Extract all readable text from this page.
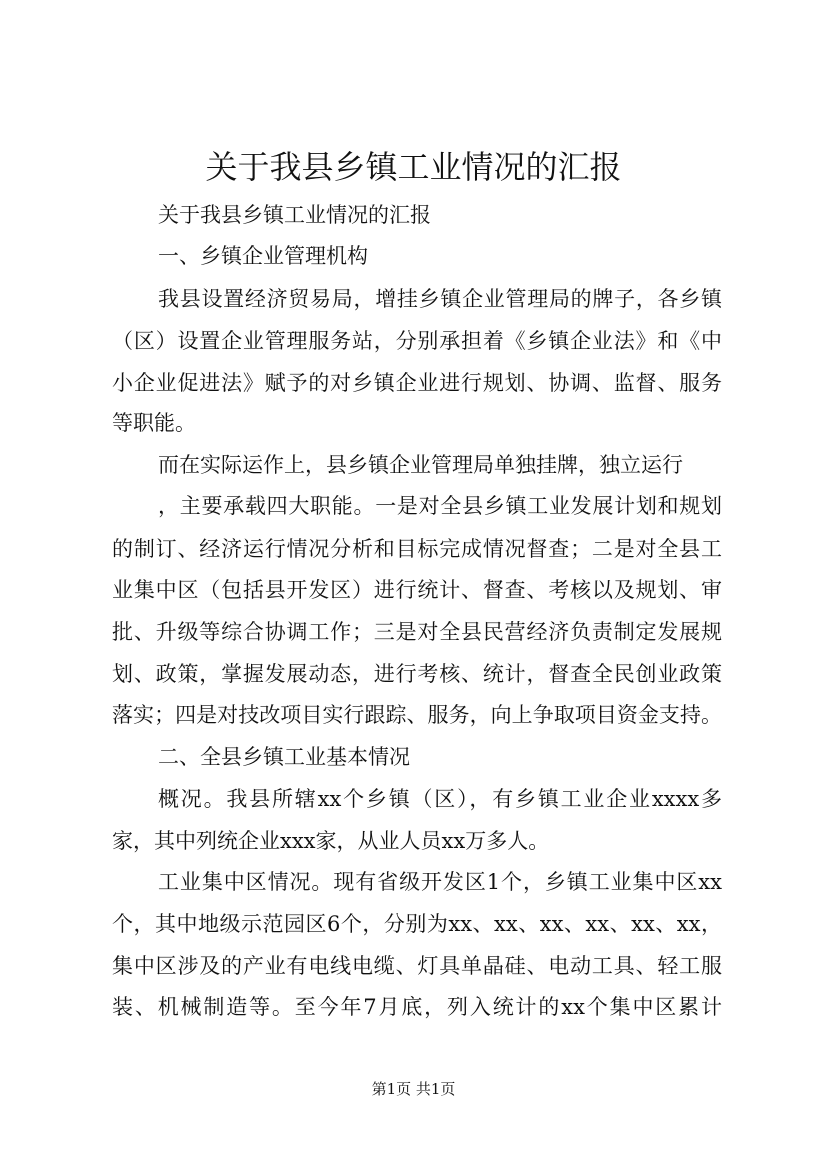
关于我县乡镇工业情况的汇报

关于我县乡镇工业情况的汇报

一、乡镇企业管理机构

我县设置经济贸易局，增挂乡镇企业管理局的牌子，各乡镇

（区）设置企业管理服务站，分别承担着《乡镇企业法》和《中

小企业促进法》赋予的对乡镇企业进行规划、协调、监督、服务

等职能。

而在实际运作上，县乡镇企业管理局单独挂牌，独立运行

，主要承载四大职能。一是对全县乡镇工业发展计划和规划

的制订、经济运行情况分析和目标完成情况督查；二是对全县工

业集中区（包括县开发区）进行统计、督查、考核以及规划、审

批、升级等综合协调工作；三是对全县民营经济负责制定发展规

划、政策，掌握发展动态，进行考核、统计，督查全民创业政策

落实；四是对技改项目实行跟踪、服务，向上争取项目资金支持。

二、全县乡镇工业基本情况

概况。我县所辖xx个乡镇（区），有乡镇工业企业xxxx多

家，其中列统企业xxx家，从业人员xx万多人。

工业集中区情况。现有省级开发区1个，乡镇工业集中区xx

个，其中地级示范园区6个，分别为xx、xx、xx、xx、xx、xx，

集中区涉及的产业有电线电缆、灯具单晶硅、电动工具、轻工服

装、机械制造等。至今年7月底，列入统计的xx个集中区累计

第1页 共1页
